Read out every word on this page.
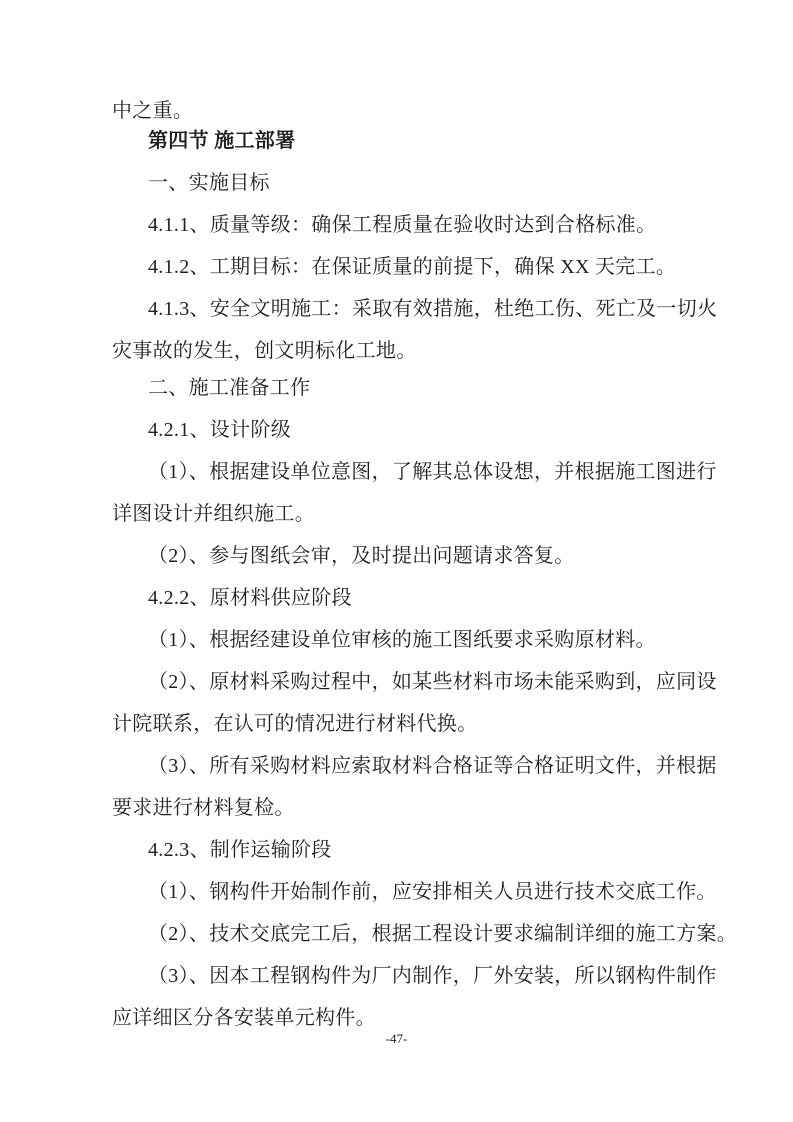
中之重。

第四节 施工部署

一、实施目标

4.1.1、质量等级：确保工程质量在验收时达到合格标准。

4.1.2、工期目标：在保证质量的前提下，确保 XX 天完工。

4.1.3、安全文明施工：采取有效措施，杜绝工伤、死亡及一切火

灾事故的发生，创文明标化工地。

二、施工准备工作

4.2.1、设计阶级

（1）、根据建设单位意图，了解其总体设想，并根据施工图进行

详图设计并组织施工。

（2）、参与图纸会审，及时提出问题请求答复。

4.2.2、原材料供应阶段

（1）、根据经建设单位审核的施工图纸要求采购原材料。

（2）、原材料采购过程中，如某些材料市场未能采购到，应同设

计院联系，在认可的情况进行材料代换。

（3）、所有采购材料应索取材料合格证等合格证明文件，并根据

要求进行材料复检。

4.2.3、制作运输阶段

（1）、钢构件开始制作前，应安排相关人员进行技术交底工作。

（2）、技术交底完工后，根据工程设计要求编制详细的施工方案。

（3）、因本工程钢构件为厂内制作，厂外安装，所以钢构件制作

应详细区分各安装单元构件。

-47-
